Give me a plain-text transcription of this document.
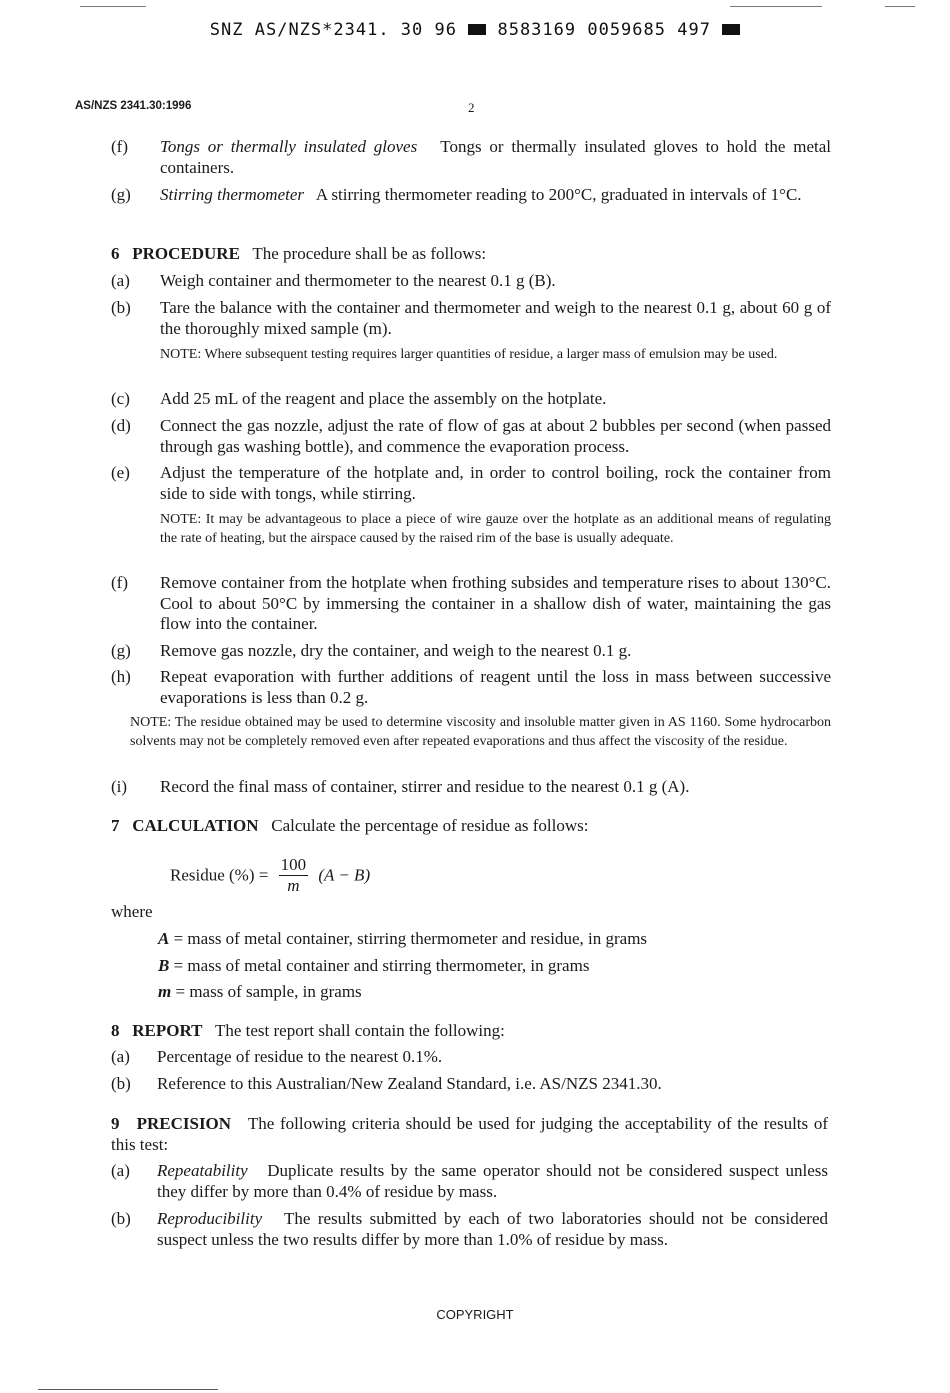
SNZ AS/NZS*2341. 30 96 8583169 0059685 497
AS/NZS 2341.30:1996	2
(f) Tongs or thermally insulated gloves Tongs or thermally insulated gloves to hold the metal containers.
(g) Stirring thermometer A stirring thermometer reading to 200°C, graduated in intervals of 1°C.
6 PROCEDURE The procedure shall be as follows:
(a) Weigh container and thermometer to the nearest 0.1 g (B).
(b) Tare the balance with the container and thermometer and weigh to the nearest 0.1 g, about 60 g of the thoroughly mixed sample (m).
NOTE: Where subsequent testing requires larger quantities of residue, a larger mass of emulsion may be used.
(c) Add 25 mL of the reagent and place the assembly on the hotplate.
(d) Connect the gas nozzle, adjust the rate of flow of gas at about 2 bubbles per second (when passed through gas washing bottle), and commence the evaporation process.
(e) Adjust the temperature of the hotplate and, in order to control boiling, rock the container from side to side with tongs, while stirring.
NOTE: It may be advantageous to place a piece of wire gauze over the hotplate as an additional means of regulating the rate of heating, but the airspace caused by the raised rim of the base is usually adequate.
(f) Remove container from the hotplate when frothing subsides and temperature rises to about 130°C. Cool to about 50°C by immersing the container in a shallow dish of water, maintaining the gas flow into the container.
(g) Remove gas nozzle, dry the container, and weigh to the nearest 0.1 g.
(h) Repeat evaporation with further additions of reagent until the loss in mass between successive evaporations is less than 0.2 g.
NOTE: The residue obtained may be used to determine viscosity and insoluble matter given in AS 1160. Some hydrocarbon solvents may not be completely removed even after repeated evaporations and thus affect the viscosity of the residue.
(i) Record the final mass of container, stirrer and residue to the nearest 0.1 g (A).
7 CALCULATION Calculate the percentage of residue as follows:
Residue (%) = $\frac{100}{m} (A - B)$
where
A = mass of metal container, stirring thermometer and residue, in grams
B = mass of metal container and stirring thermometer, in grams
m = mass of sample, in grams
8 REPORT The test report shall contain the following:
(a) Percentage of residue to the nearest 0.1%.
(b) Reference to this Australian/New Zealand Standard, i.e. AS/NZS 2341.30.
9 PRECISION The following criteria should be used for judging the acceptability of the results of this test:
(a) Repeatability Duplicate results by the same operator should not be considered suspect unless they differ by more than 0.4% of residue by mass.
(b) Reproducibility The results submitted by each of two laboratories should not be considered suspect unless the two results differ by more than 1.0% of residue by mass.
COPYRIGHT
